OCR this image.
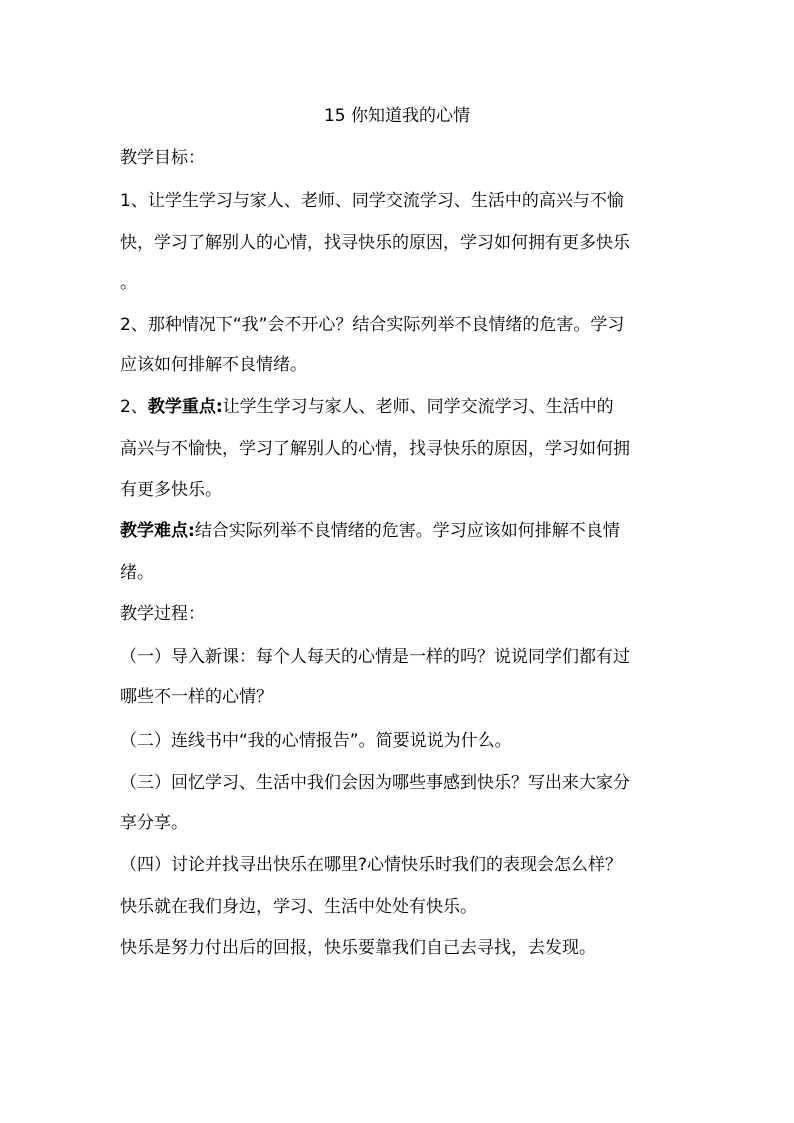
15 你知道我的心情
教学目标：
1、让学生学习与家人、老师、同学交流学习、生活中的高兴与不愉
快，学习了解别人的心情，找寻快乐的原因，学习如何拥有更多快乐
。
2、那种情况下“我”会不开心？结合实际列举不良情绪的危害。学习
应该如何排解不良情绪。
2、教学重点:让学生学习与家人、老师、同学交流学习、生活中的
高兴与不愉快，学习了解别人的心情，找寻快乐的原因，学习如何拥
有更多快乐。
教学难点:结合实际列举不良情绪的危害。学习应该如何排解不良情
绪。
教学过程：
（一）导入新课：每个人每天的心情是一样的吗？说说同学们都有过
哪些不一样的心情？
（二）连线书中“我的心情报告”。简要说说为什么。
（三）回忆学习、生活中我们会因为哪些事感到快乐？写出来大家分
享分享。
（四）讨论并找寻出快乐在哪里?心情快乐时我们的表现会怎么样？
快乐就在我们身边，学习、生活中处处有快乐。
快乐是努力付出后的回报，快乐要靠我们自己去寻找，去发现。
